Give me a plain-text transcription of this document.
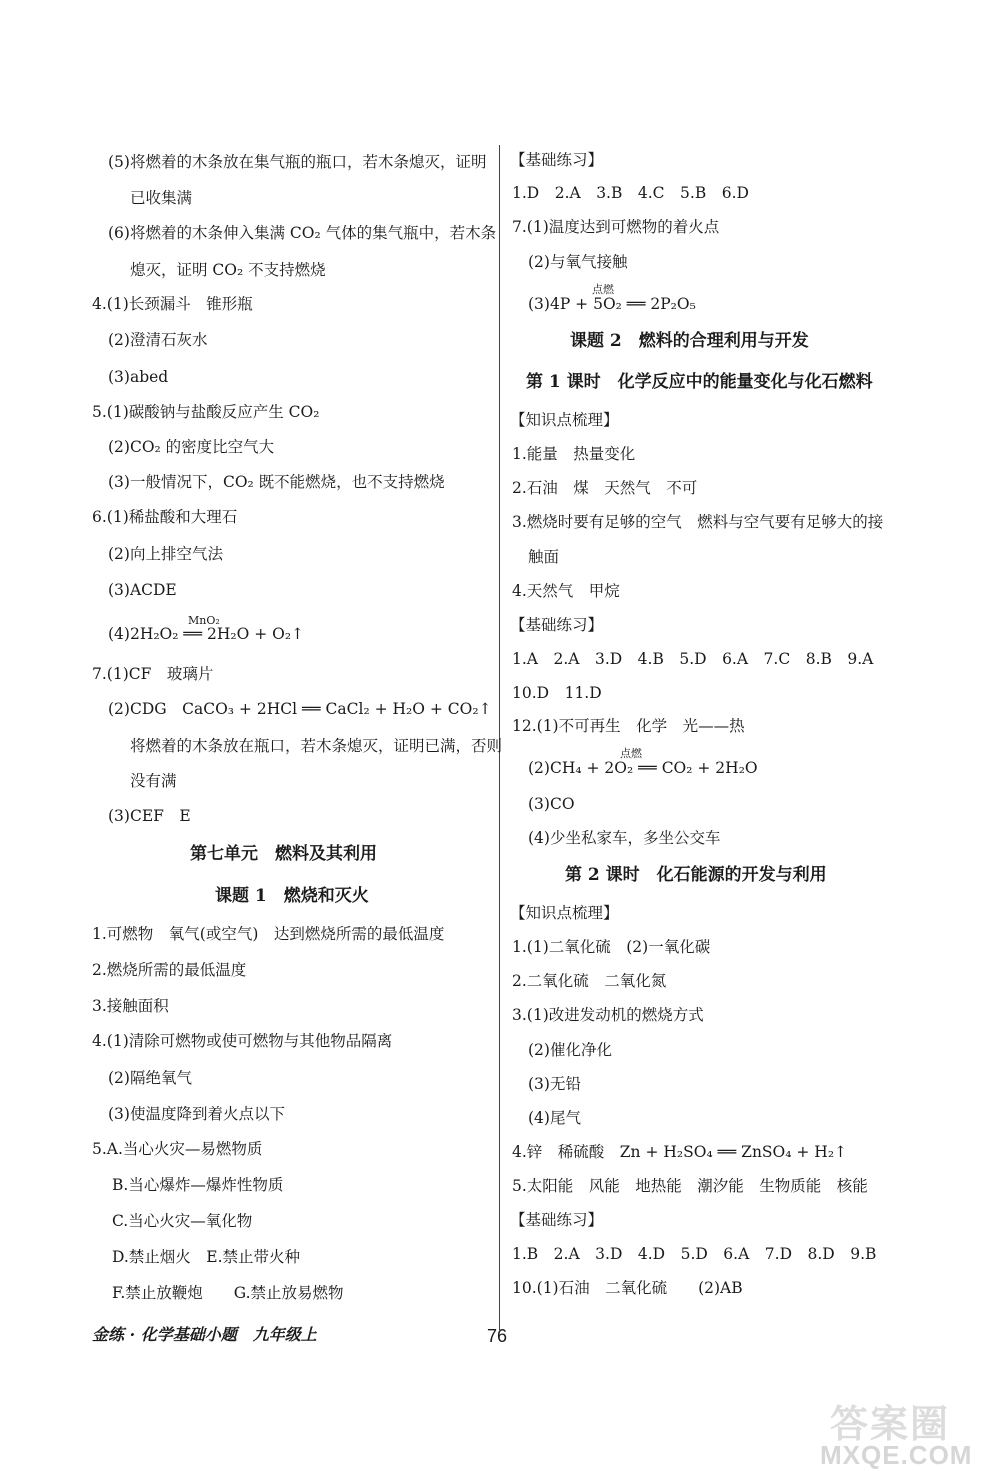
(5)将燃着的木条放在集气瓶的瓶口，若木条熄灭，证明
已收集满
(6)将燃着的木条伸入集满 CO₂ 气体的集气瓶中，若木条
熄灭，证明 CO₂ 不支持燃烧
4.(1)长颈漏斗　锥形瓶
(2)澄清石灰水
(3)abed
5.(1)碳酸钠与盐酸反应产生 CO₂
(2)CO₂ 的密度比空气大
(3)一般情况下，CO₂ 既不能燃烧，也不支持燃烧
6.(1)稀盐酸和大理石
(2)向上排空气法
(3)ACDE
MnO₂
(4)2H₂O₂ ══ 2H₂O + O₂↑
7.(1)CF　玻璃片
(2)CDG　CaCO₃ + 2HCl ══ CaCl₂ + H₂O + CO₂↑
将燃着的木条放在瓶口，若木条熄灭，证明已满，否则
没有满
(3)CEF　E
第七单元　燃料及其利用
课题 1　燃烧和灭火
1.可燃物　氧气(或空气)　达到燃烧所需的最低温度
2.燃烧所需的最低温度
3.接触面积
4.(1)清除可燃物或使可燃物与其他物品隔离
(2)隔绝氧气
(3)使温度降到着火点以下
5.A.当心火灾—易燃物质
B.当心爆炸—爆炸性物质
C.当心火灾—氧化物
D.禁止烟火　E.禁止带火种
F.禁止放鞭炮　　G.禁止放易燃物
【基础练习】
1.D　2.A　3.B　4.C　5.B　6.D
7.(1)温度达到可燃物的着火点
(2)与氧气接触
点燃
(3)4P + 5O₂ ══ 2P₂O₅
课题 2　燃料的合理利用与开发
第 1 课时　化学反应中的能量变化与化石燃料
【知识点梳理】
1.能量　热量变化
2.石油　煤　天然气　不可
3.燃烧时要有足够的空气　燃料与空气要有足够大的接
触面
4.天然气　甲烷
【基础练习】
1.A　2.A　3.D　4.B　5.D　6.A　7.C　8.B　9.A
10.D　11.D
12.(1)不可再生　化学　光——热
点燃
(2)CH₄ + 2O₂ ══ CO₂ + 2H₂O
(3)CO
(4)少坐私家车，多坐公交车
第 2 课时　化石能源的开发与利用
【知识点梳理】
1.(1)二氧化硫　(2)一氧化碳
2.二氧化硫　二氧化氮
3.(1)改进发动机的燃烧方式
(2)催化净化
(3)无铅
(4)尾气
4.锌　稀硫酸　Zn + H₂SO₄ ══ ZnSO₄ + H₂↑
5.太阳能　风能　地热能　潮汐能　生物质能　核能
【基础练习】
1.B　2.A　3.D　4.D　5.D　6.A　7.D　8.D　9.B
10.(1)石油　二氧化硫　　(2)AB
金练 · 化学基础小题　九年级上	76
答案圈
MXQE.COM
